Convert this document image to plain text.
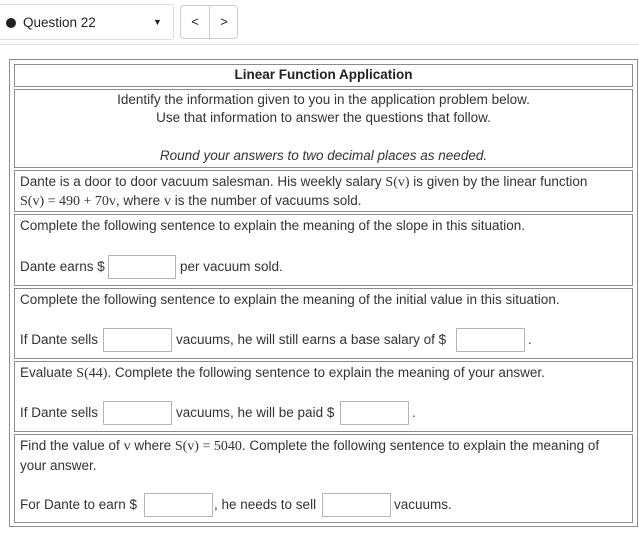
Question 22	▼	<	>
Linear Function Application
Identify the information given to you in the application problem below.
Use that information to answer the questions that follow.
Round your answers to two decimal places as needed.
Dante is a door to door vacuum salesman. His weekly salary S(v) is given by the linear function
S(v) = 490 + 70v, where v is the number of vacuums sold.
Complete the following sentence to explain the meaning of the slope in this situation.
Dante earns $	per vacuum sold.
Complete the following sentence to explain the meaning of the initial value in this situation.
If Dante sells	vacuums, he will still earns a base salary of $	.
Evaluate S(44). Complete the following sentence to explain the meaning of your answer.
If Dante sells	vacuums, he will be paid $	.
Find the value of v where S(v) = 5040. Complete the following sentence to explain the meaning of your answer.
For Dante to earn $	, he needs to sell	vacuums.
